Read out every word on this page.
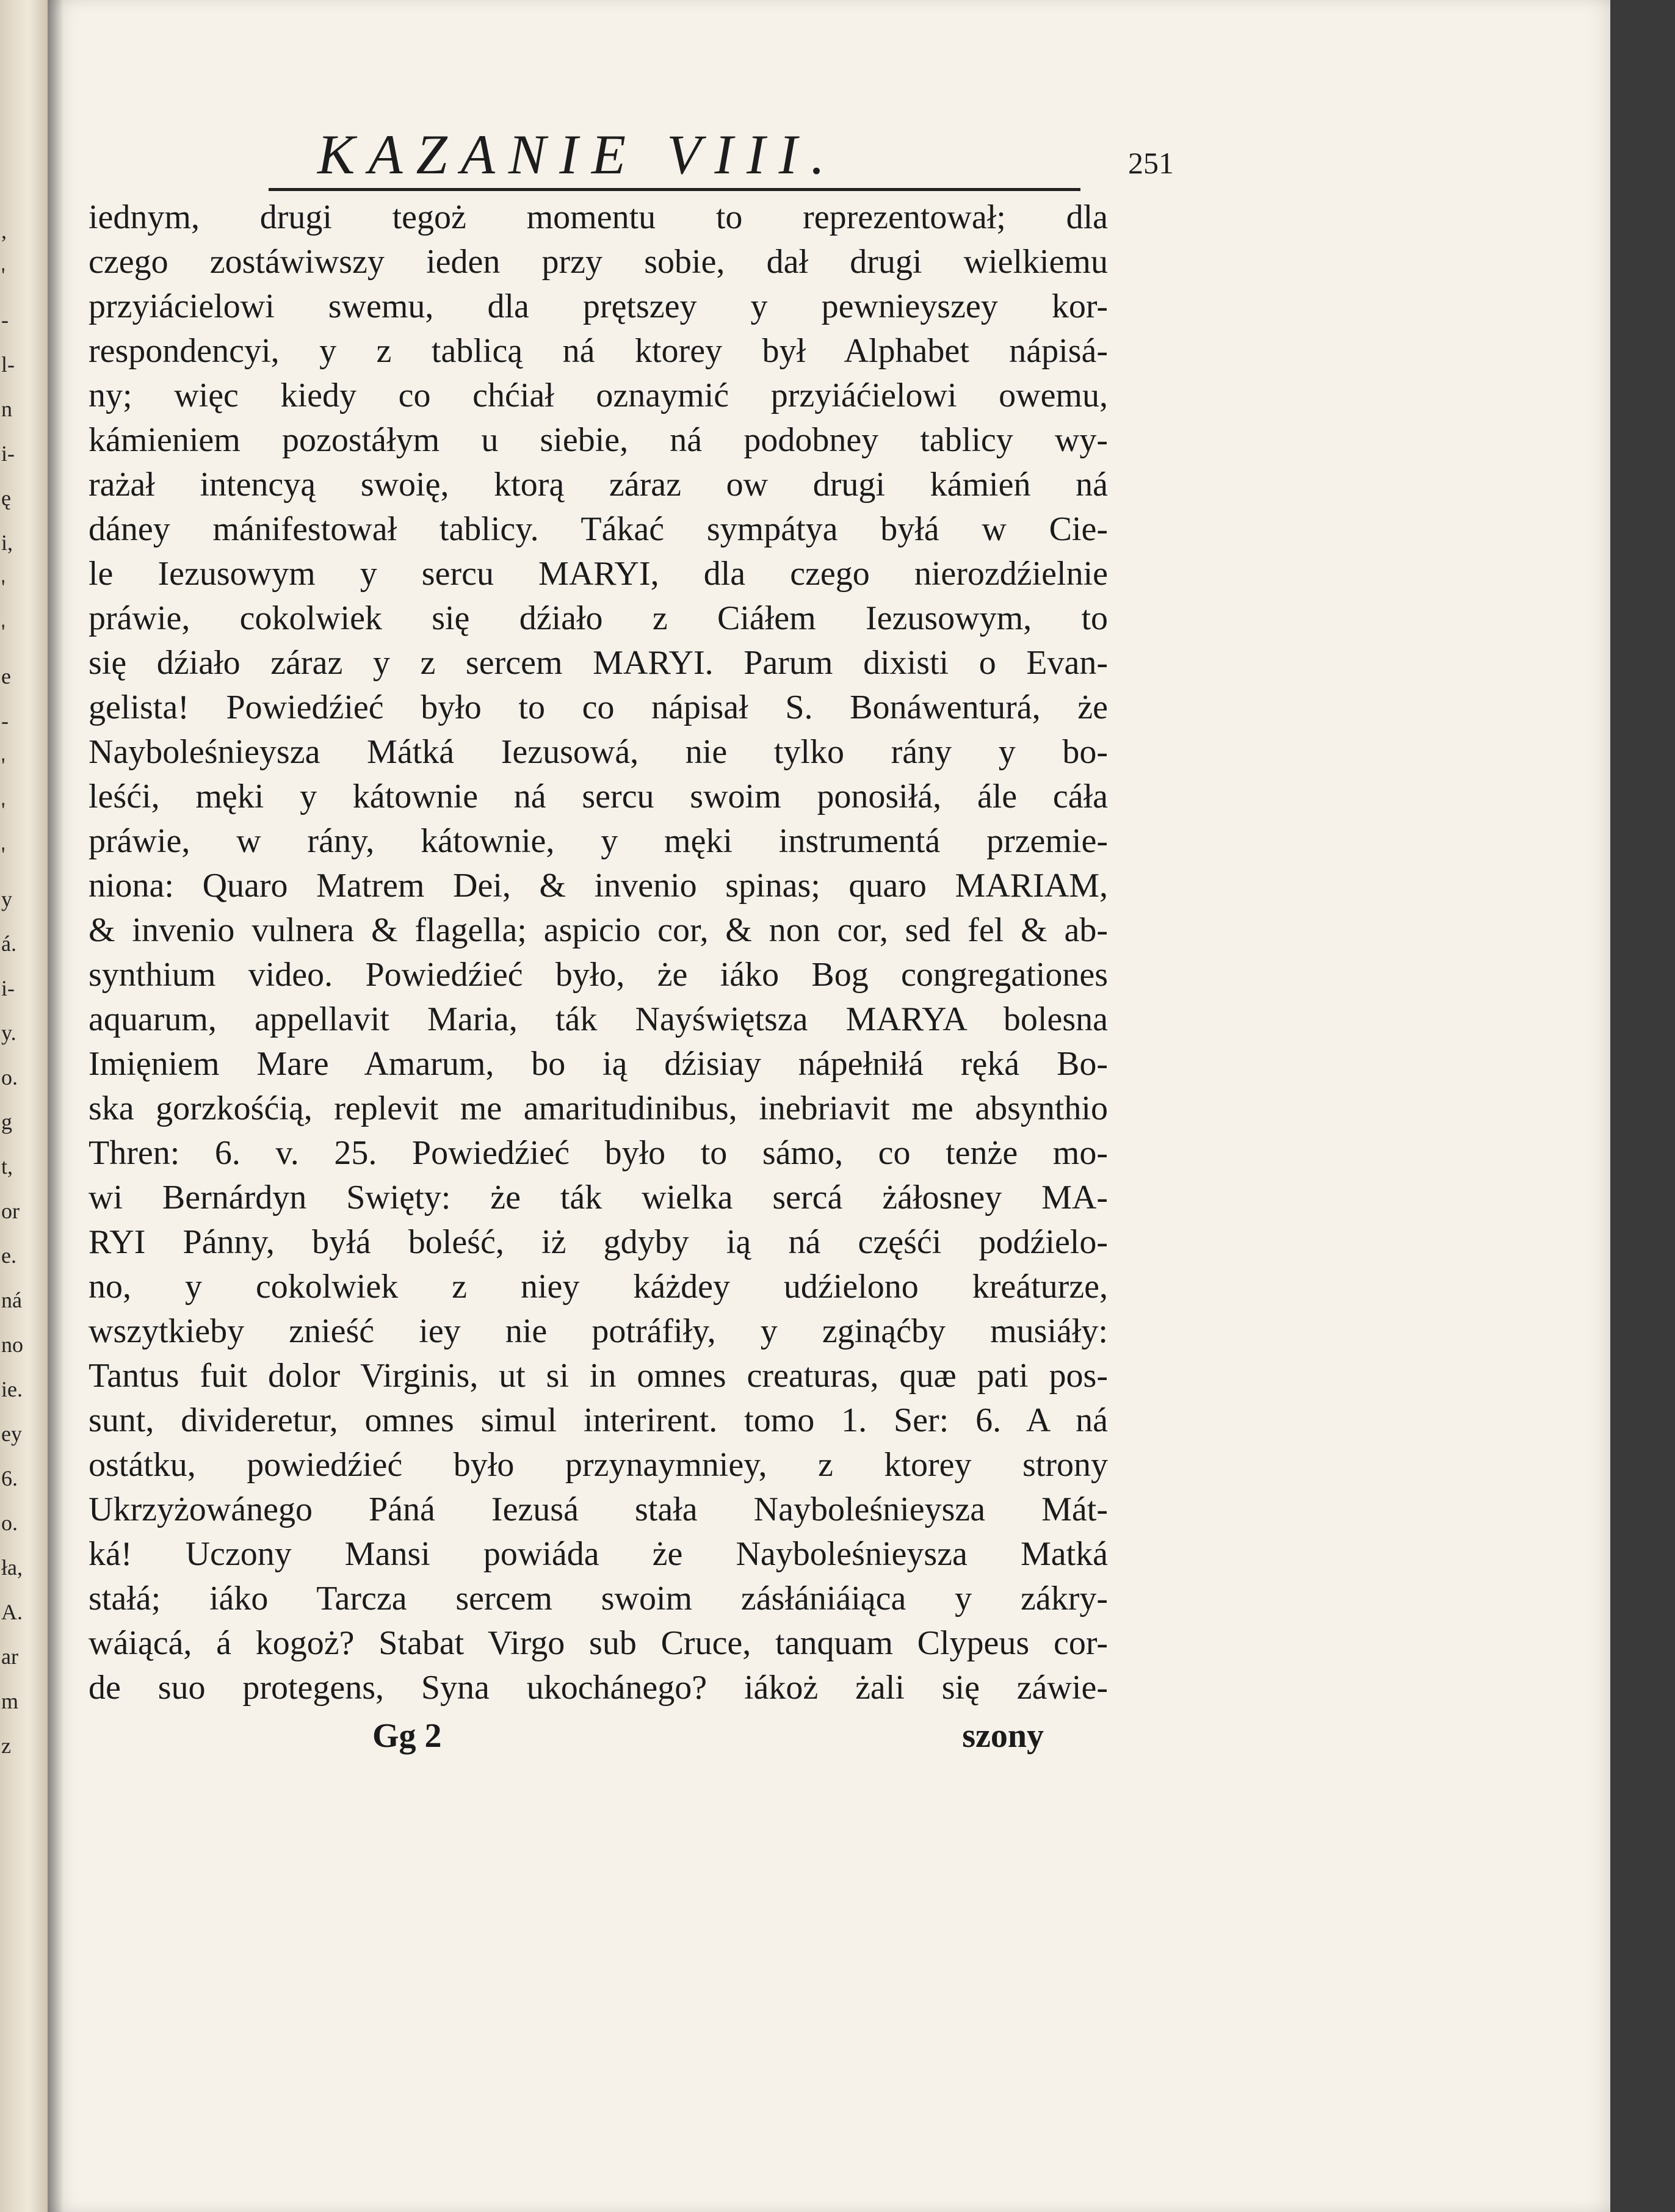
,
'
-
l-
n
i-
ę
i,
'
'
e
-
'
'
'
y
á.
i-
y.
o.
g
t,
or
e.
ná
no
ie.
ey
6.
o.
ła,
A.
ar
m
z
KAZANIE VIII.	251
iednym, drugi tegoż momentu to reprezentował; dla
czego zostáwiwszy ieden przy sobie, dał drugi wielkiemu
przyiácielowi swemu, dla prętszey y pewnieyszey kor-
respondencyi, y z tablicą ná ktorey był Alphabet nápisá-
ny; więc kiedy co chćiał oznaymić przyiáćielowi owemu,
kámieniem pozostáłym u siebie, ná podobney tablicy wy-
rażał intencyą swoię, ktorą záraz ow drugi kámień ná
dáney mánifestował tablicy. Tákać sympátya byłá w Cie-
le Iezusowym y sercu MARYI, dla czego nierozdźielnie
práwie, cokolwiek się dźiało z Ciáłem Iezusowym, to
się dźiało záraz y z sercem MARYI. Parum dixisti o Evan-
gelista! Powiedźieć było to co nápisał S. Bonáwenturá, że
Nayboleśnieysza Mátká Iezusowá, nie tylko rány y bo-
leśći, męki y kátownie ná sercu swoim ponosiłá, ále cáła
práwie, w rány, kátownie, y męki instrumentá przemie-
niona: Quaro Matrem Dei, & invenio spinas; quaro MARIAM,
& invenio vulnera & flagella; aspicio cor, & non cor, sed fel & ab-
synthium video. Powiedźieć było, że iáko Bog congregationes
aquarum, appellavit Maria, ták Nayświętsza MARYA bolesna
Imięniem Mare Amarum, bo ią dźisiay nápełniłá ręká Bo-
ska gorzkośćią, replevit me amaritudinibus, inebriavit me absynthio
Thren: 6. v. 25. Powiedźieć było to sámo, co tenże mo-
wi Bernárdyn Swięty: że ták wielka sercá żáłosney MA-
RYI Pánny, byłá boleść, iż gdyby ią ná częśći podźielo-
no, y cokolwiek z niey káżdey udźielono kreáturze,
wszytkieby znieść iey nie potráfiły, y zginąćby musiáły:
Tantus fuit dolor Virginis, ut si in omnes creaturas, quæ pati pos-
sunt, divideretur, omnes simul interirent. tomo 1. Ser: 6. A ná
ostátku, powiedźieć było przynaymniey, z ktorey strony
Ukrzyżowánego Páná Iezusá stała Nayboleśnieysza Mát-
ká! Uczony Mansi powiáda że Nayboleśnieysza Matká
stałá; iáko Tarcza sercem swoim zásłániáiąca y zákry-
wáiącá, á kogoż? Stabat Virgo sub Cruce, tanquam Clypeus cor-
de suo protegens, Syna ukochánego? iákoż żali się záwie-
Gg 2	szony
